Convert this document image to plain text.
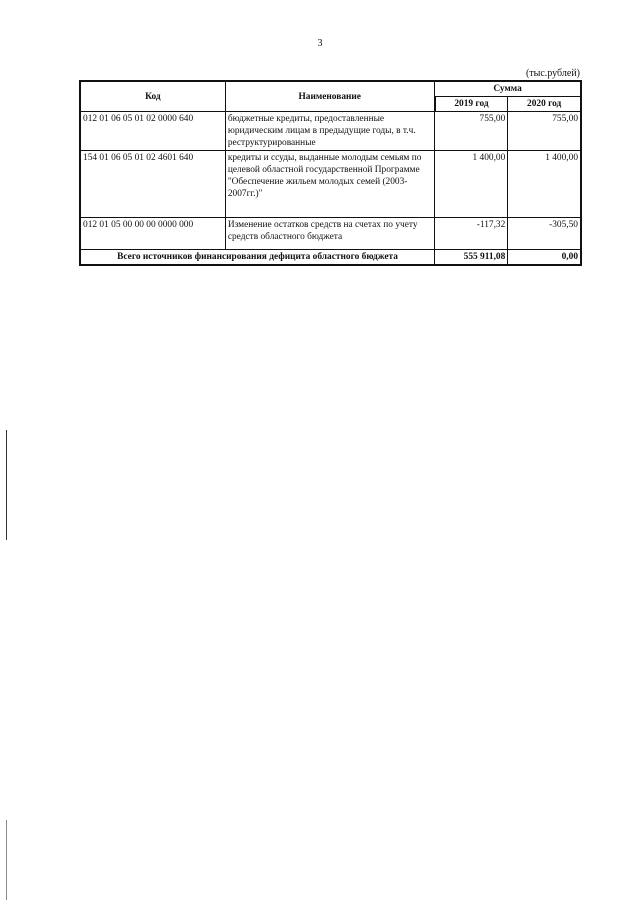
3
(тыс.рублей)
Код	Наименование	Сумма	
		2019 год	2020 год
012 01 06 05 01 02 0000 640	бюджетные кредиты, предоставленные юридическим лицам в предыдущие годы, в т.ч. реструктурированные	755,00	755,00
154 01 06 05 01 02 4601 640	кредиты и ссуды, выданные молодым семьям по целевой областной государственной Программе "Обеспечение жильем молодых семей (2003-2007гг.)"	1 400,00	1 400,00
012 01 05 00 00 00 0000 000	Изменение остатков средств на счетах по учету средств областного бюджета	-117,32	-305,50
Всего источников финансирования дефицита областного бюджета		555 911,08	0,00
